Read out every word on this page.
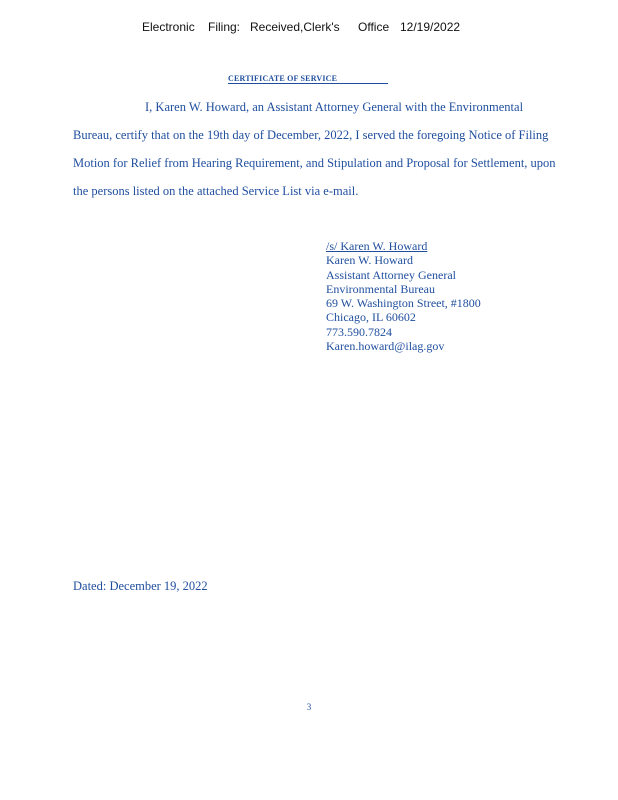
Electronic Filing: Received,Clerk's Office 12/19/2022
CERTIFICATE OF SERVICE
I, Karen W. Howard, an Assistant Attorney General with the Environmental
Bureau, certify that on the 19th day of December, 2022, I served the foregoing Notice of Filing
Motion for Relief from Hearing Requirement, and Stipulation and Proposal for Settlement, upon
the persons listed on the attached Service List via e-mail.
/s/ Karen W. Howard
Karen W. Howard
Assistant Attorney General
Environmental Bureau
69 W. Washington Street, #1800
Chicago, IL 60602
773.590.7824
Karen.howard@ilag.gov
Dated: December 19, 2022
3
